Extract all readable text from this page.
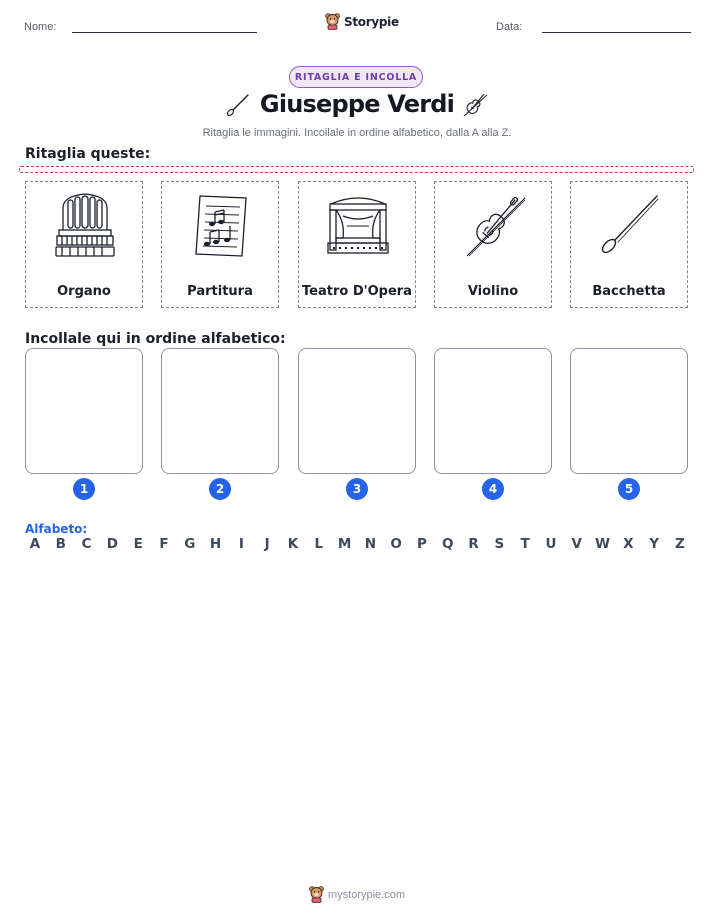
Nome:	Storypie	Data:
RITAGLIA E INCOLLA
Giuseppe Verdi
Ritaglia le immagini. Incollale in ordine alfabetico, dalla A alla Z.
Ritaglia queste:
Organo	Partitura	Teatro D'Opera	Violino	Bacchetta
Incollale qui in ordine alfabetico:
1	2	3	4	5
Alfabeto:
A	B	C	D	E	F	G	H	I	J	K	L	M N	O	P	Q	R	S	T	U	V W X	Y	Z
mystorypie.com
